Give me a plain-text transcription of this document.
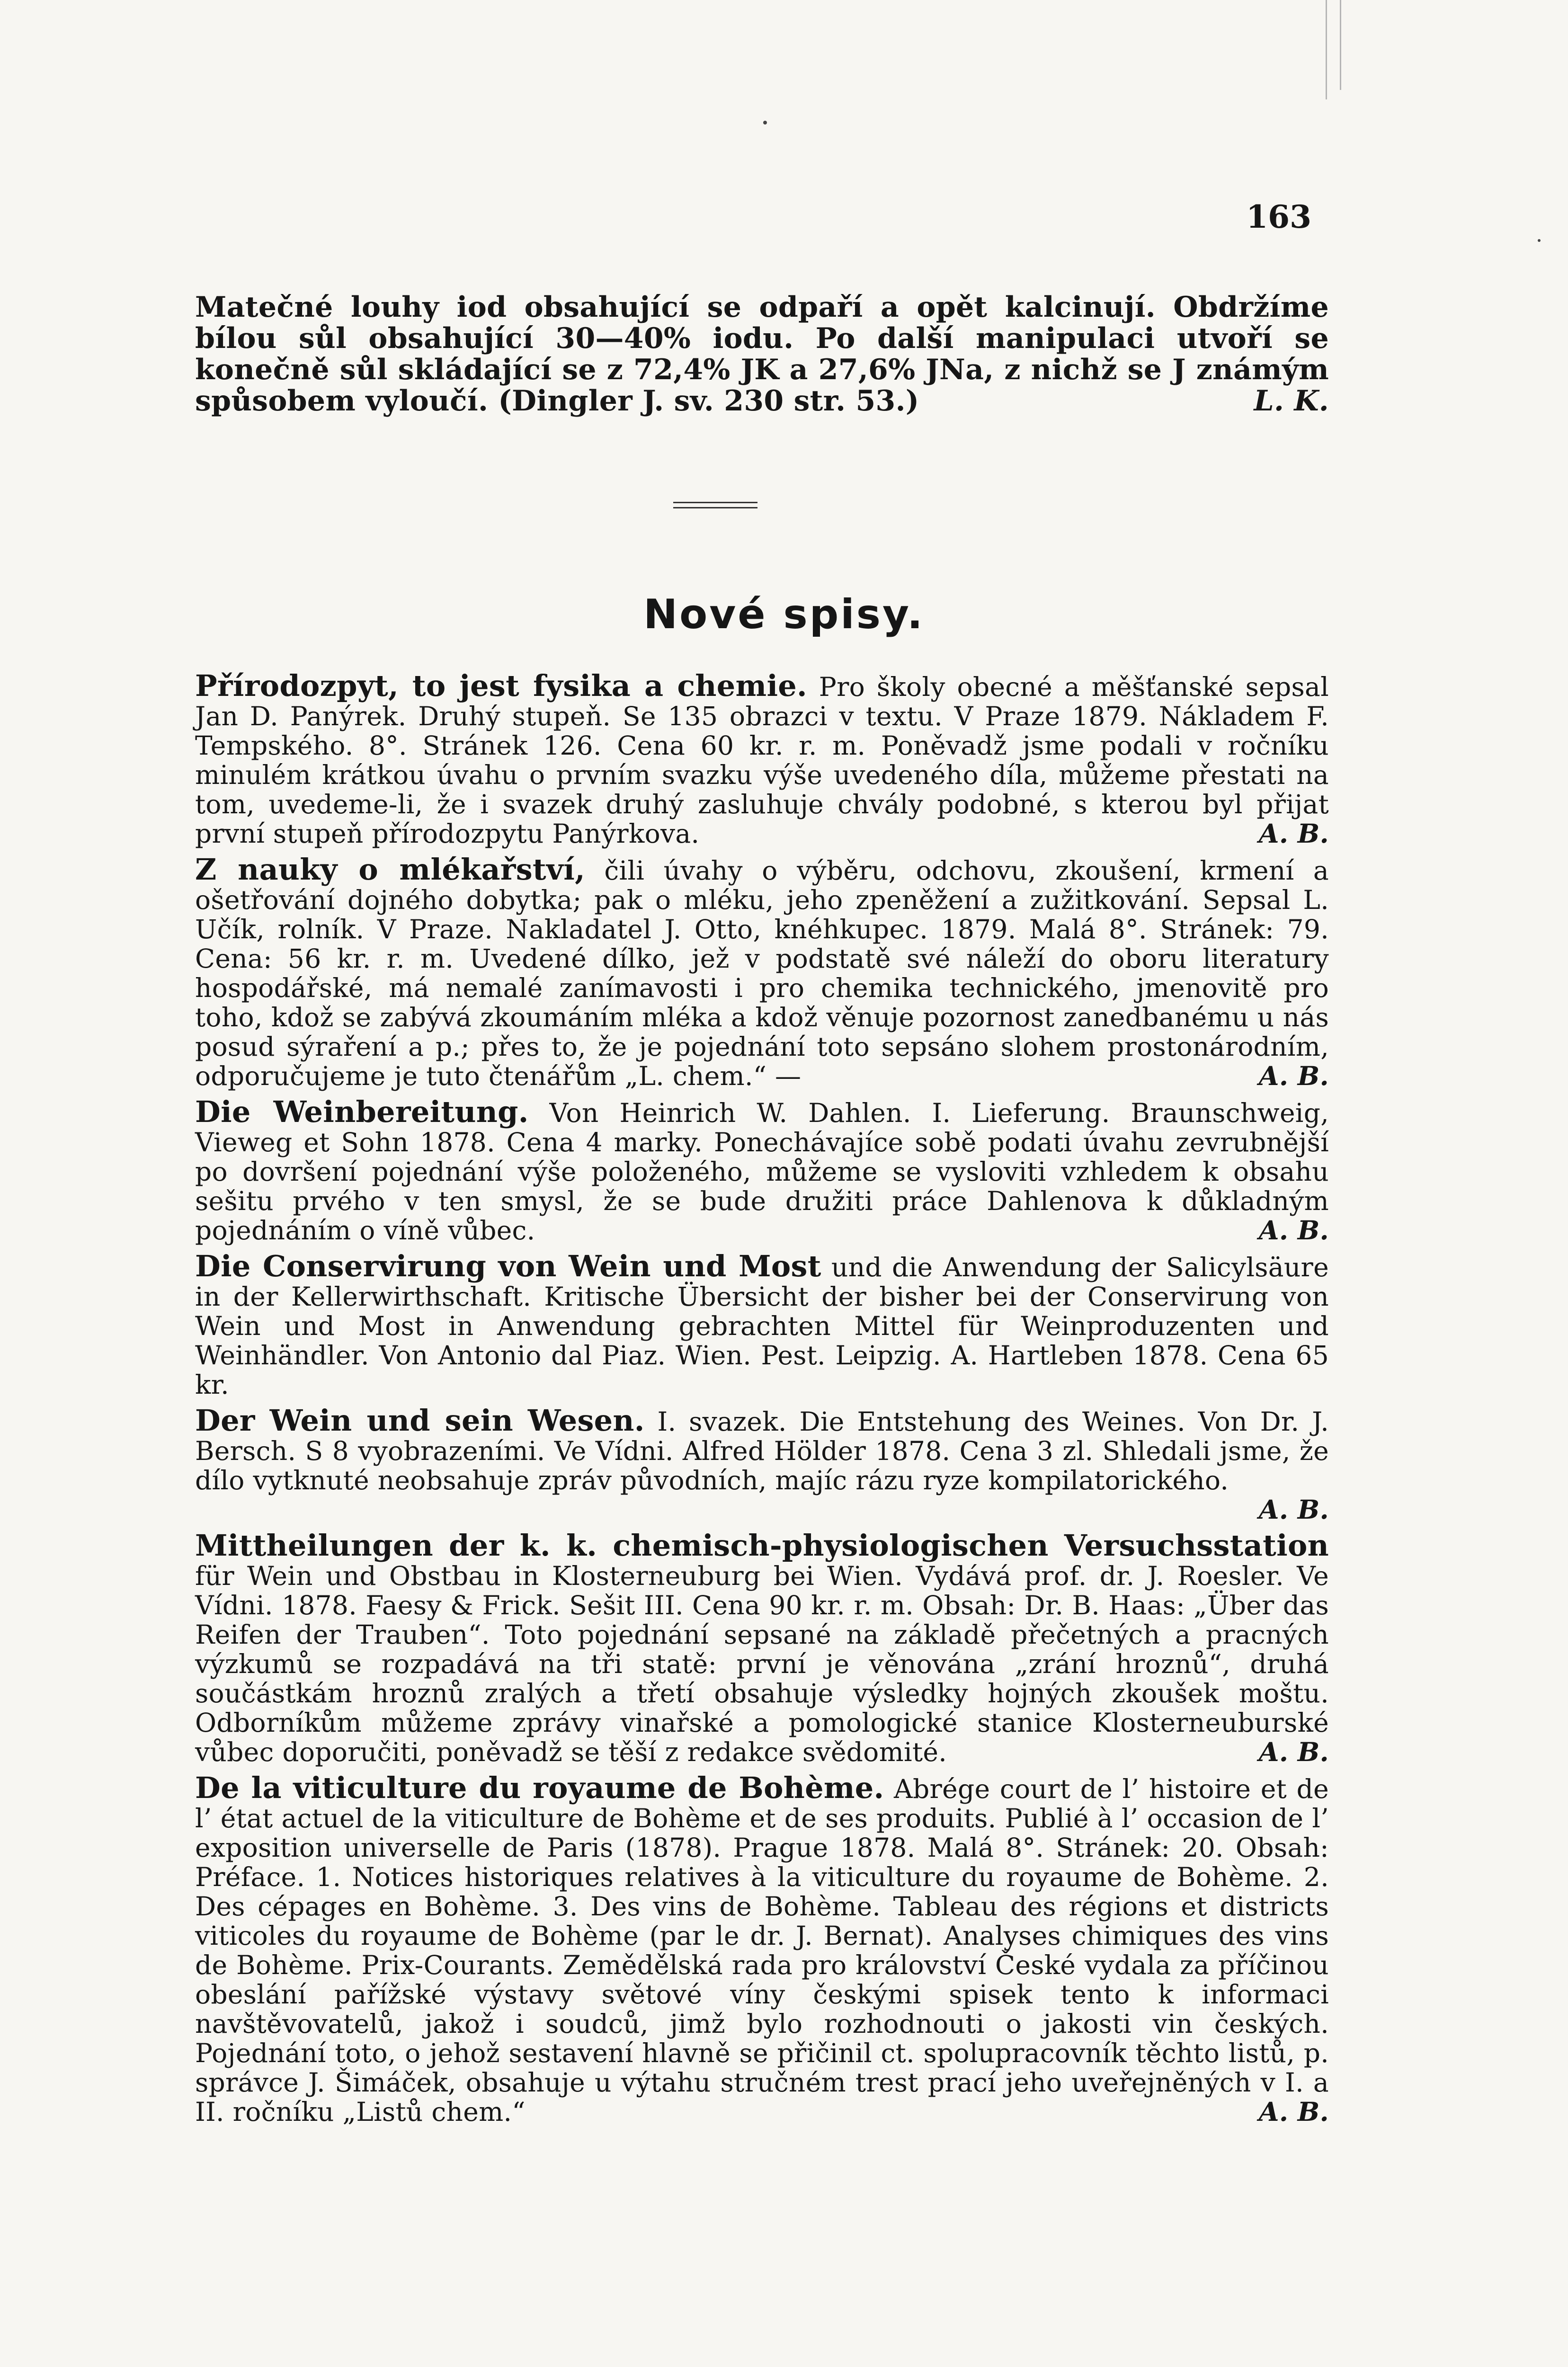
163
Matečné louhy iod obsahující se odpaří a opět kalcinují. Obdržíme bílou sůl obsahující 30—40% iodu. Po další manipulaci utvoří se konečně sůl skládající se z 72,4% JK a 27,6% JNa, z nichž se J známým spůsobem vyloučí. (Dingler J. sv. 230 str. 53.)	L. K.
Nové spisy.
Přírodozpyt, to jest fysika a chemie. Pro školy obecné a měšťanské sepsal Jan D. Panýrek. Druhý stupeň. Se 135 obrazci v textu. V Praze 1879. Nákladem F. Tempského. 8°. Stránek 126. Cena 60 kr. r. m. Poněvadž jsme podali v ročníku minulém krátkou úvahu o prvním svazku výše uvedeného díla, můžeme přestati na tom, uvedeme-li, že i svazek druhý zasluhuje chvály podobné, s kterou byl přijat první stupeň přírodozpytu Panýrkova.	A. B.
Z nauky o mlékařství, čili úvahy o výběru, odchovu, zkoušení, krmení a ošetřování dojného dobytka; pak o mléku, jeho zpeněžení a zužitkování. Sepsal L. Učík, rolník. V Praze. Nakladatel J. Otto, knéhkupec. 1879. Malá 8°. Stránek: 79. Cena: 56 kr. r. m. Uvedené dílko, jež v podstatě své náleží do oboru literatury hospodářské, má nemalé zanímavosti i pro chemika technického, jmenovitě pro toho, kdož se zabývá zkoumáním mléka a kdož věnuje pozornost zanedbanému u nás posud sýraření a p.; přes to, že je pojednání toto sepsáno slohem prostonárodním, odporučujeme je tuto čtenářům „L. chem.“ —	A. B.
Die Weinbereitung. Von Heinrich W. Dahlen. I. Lieferung. Braunschweig, Vieweg et Sohn 1878. Cena 4 marky. Ponechávajíce sobě podati úvahu zevrubnější po dovršení pojednání výše položeného, můžeme se vysloviti vzhledem k obsahu sešitu prvého v ten smysl, že se bude družiti práce Dahlenova k důkladným pojednáním o víně vůbec.	A. B.
Die Conservirung von Wein und Most und die Anwendung der Salicylsäure in der Kellerwirthschaft. Kritische Übersicht der bisher bei der Conservirung von Wein und Most in Anwendung gebrachten Mittel für Weinproduzenten und Weinhändler. Von Antonio dal Piaz. Wien. Pest. Leipzig. A. Hartleben 1878. Cena 65 kr.
Der Wein und sein Wesen. I. svazek. Die Entstehung des Weines. Von Dr. J. Bersch. S 8 vyobrazeními. Ve Vídni. Alfred Hölder 1878. Cena 3 zl. Shledali jsme, že dílo vytknuté neobsahuje zpráv původních, majíc rázu ryze kompilatorického.
A. B.
Mittheilungen der k. k. chemisch-physiologischen Versuchsstation für Wein und Obstbau in Klosterneuburg bei Wien. Vydává prof. dr. J. Roesler. Ve Vídni. 1878. Faesy & Frick. Sešit III. Cena 90 kr. r. m. Obsah: Dr. B. Haas: „Über das Reifen der Trauben“. Toto pojednání sepsané na základě přečetných a pracných výzkumů se rozpadává na tři statě: první je věnována „zrání hroznů“, druhá součástkám hroznů zralých a třetí obsahuje výsledky hojných zkoušek moštu. Odborníkům můžeme zprávy vinařské a pomologické stanice Klosterneuburské vůbec doporučiti, poněvadž se těší z redakce svědomité.	A. B.
De la viticulture du royaume de Bohème. Abrége court de l’ histoire et de l’ état actuel de la viticulture de Bohème et de ses produits. Publié à l’ occasion de l’ exposition universelle de Paris (1878). Prague 1878. Malá 8°. Stránek: 20. Obsah: Préface. 1. Notices historiques relatives à la viticulture du royaume de Bohème. 2. Des cépages en Bohème. 3. Des vins de Bohème. Tableau des régions et districts viticoles du royaume de Bohème (par le dr. J. Bernat). Analyses chimiques des vins de Bohème. Prix-Courants. Zemědělská rada pro království České vydala za příčinou obeslání pařížské výstavy světové víny českými spisek tento k informaci navštěvovatelů, jakož i soudců, jimž bylo rozhodnouti o jakosti vin českých. Pojednání toto, o jehož sestavení hlavně se přičinil ct. spolupracovník těchto listů, p. správce J. Šimáček, obsahuje u výtahu stručném trest prací jeho uveřejněných v I. a II. ročníku „Listů chem.“	A. B.
